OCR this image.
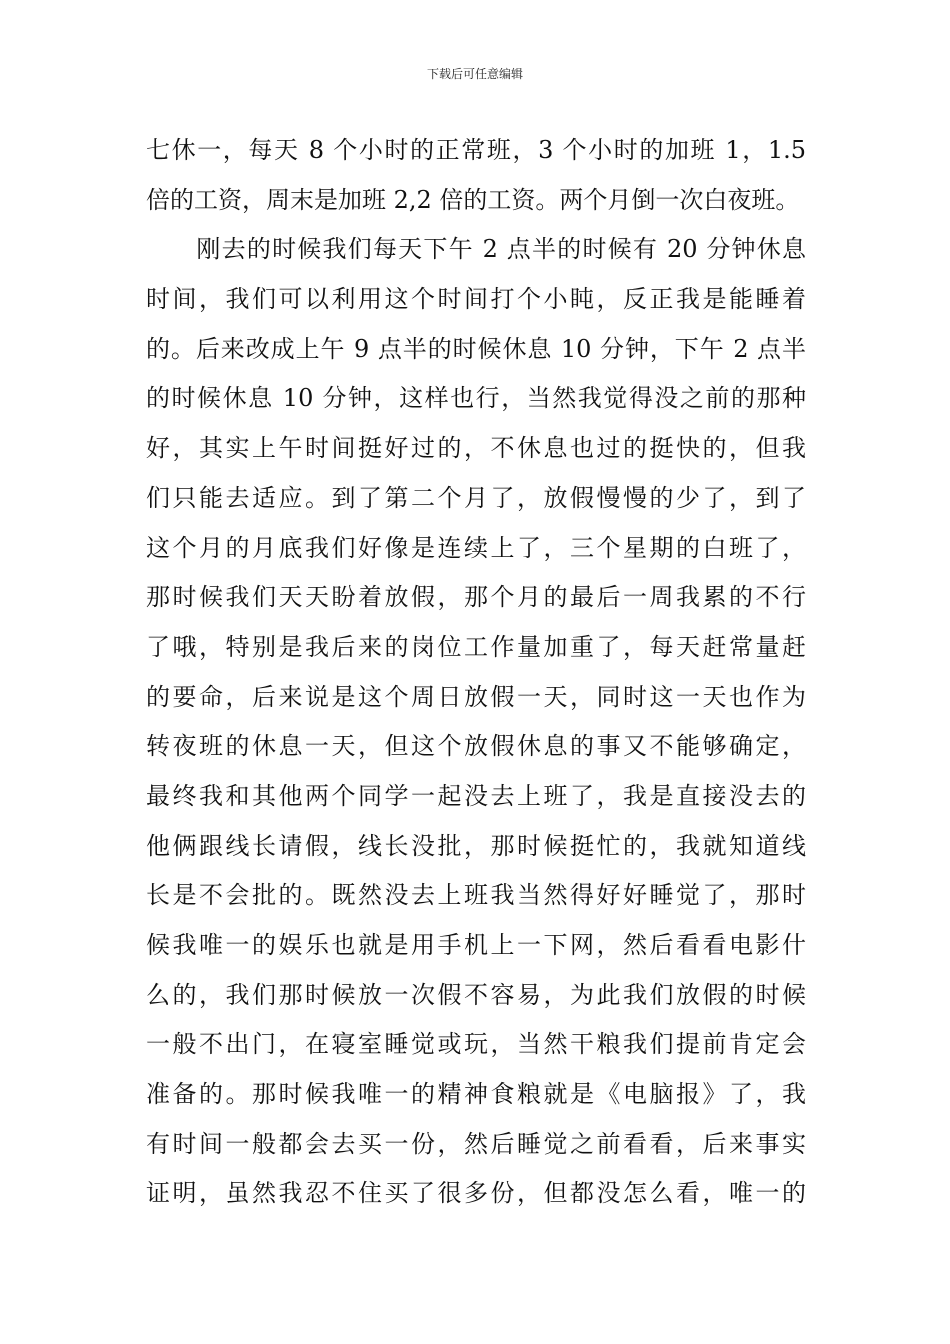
下载后可任意编辑
七休一，每天 8 个小时的正常班，3 个小时的加班 1，1.5
倍的工资，周末是加班 2,2 倍的工资。两个月倒一次白夜班。
　　刚去的时候我们每天下午 2 点半的时候有 20 分钟休息
时间，我们可以利用这个时间打个小盹，反正我是能睡着
的。后来改成上午 9 点半的时候休息 10 分钟，下午 2 点半
的时候休息 10 分钟，这样也行，当然我觉得没之前的那种
好，其实上午时间挺好过的，不休息也过的挺快的，但我
们只能去适应。到了第二个月了，放假慢慢的少了，到了
这个月的月底我们好像是连续上了，三个星期的白班了，
那时候我们天天盼着放假，那个月的最后一周我累的不行
了哦，特别是我后来的岗位工作量加重了，每天赶常量赶
的要命，后来说是这个周日放假一天，同时这一天也作为
转夜班的休息一天，但这个放假休息的事又不能够确定，
最终我和其他两个同学一起没去上班了，我是直接没去的
他俩跟线长请假，线长没批，那时候挺忙的，我就知道线
长是不会批的。既然没去上班我当然得好好睡觉了，那时
候我唯一的娱乐也就是用手机上一下网，然后看看电影什
么的，我们那时候放一次假不容易，为此我们放假的时候
一般不出门，在寝室睡觉或玩，当然干粮我们提前肯定会
准备的。那时候我唯一的精神食粮就是《电脑报》了，我
有时间一般都会去买一份，然后睡觉之前看看，后来事实
证明，虽然我忍不住买了很多份，但都没怎么看，唯一的
